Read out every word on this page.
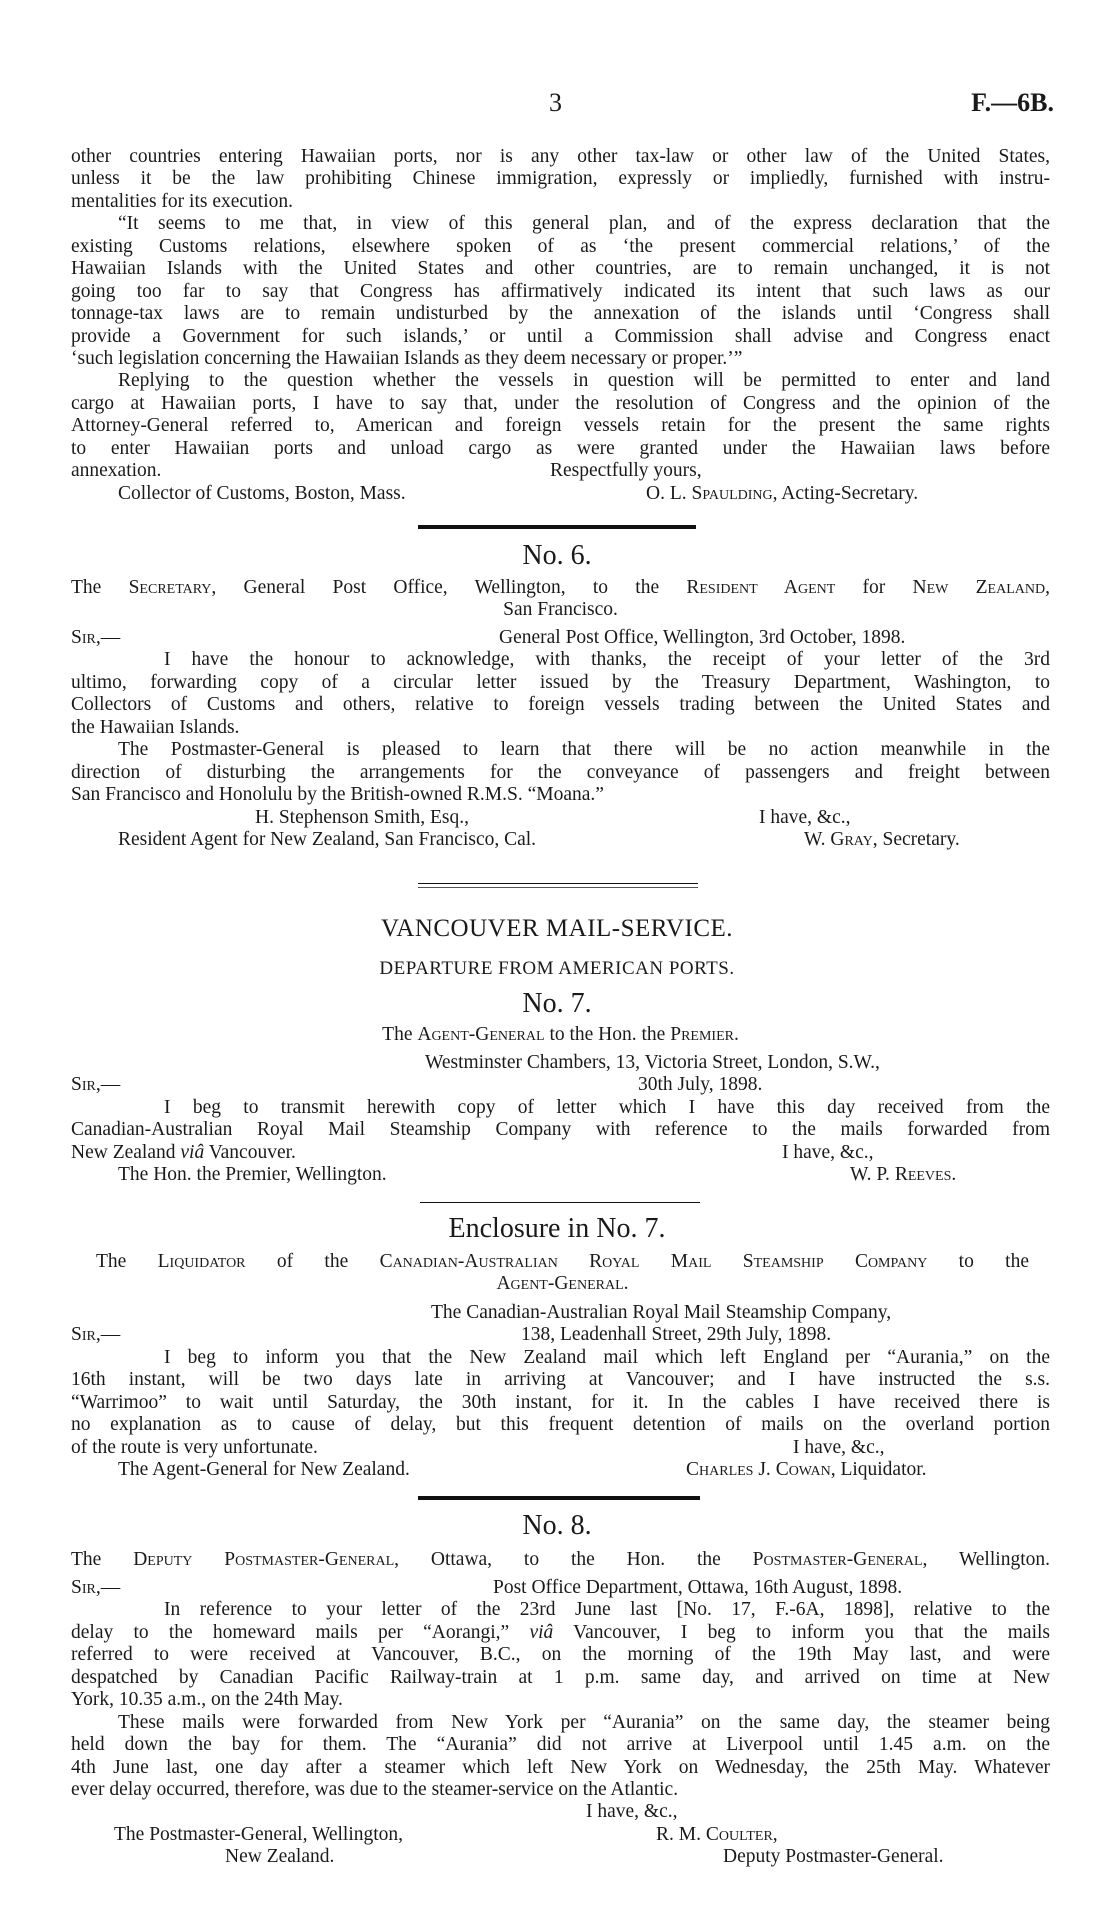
3	F.—6B.
other countries entering Hawaiian ports, nor is any other tax-law or other law of the United States,
unless it be the law prohibiting Chinese immigration, expressly or impliedly, furnished with instru-
mentalities for its execution.
“It seems to me that, in view of this general plan, and of the express declaration that the
existing Customs relations, elsewhere spoken of as ‘the present commercial relations,’ of the
Hawaiian Islands with the United States and other countries, are to remain unchanged, it is not
going too far to say that Congress has affirmatively indicated its intent that such laws as our
tonnage-tax laws are to remain undisturbed by the annexation of the islands until ‘Congress shall
provide a Government for such islands,’ or until a Commission shall advise and Congress enact
‘such legislation concerning the Hawaiian Islands as they deem necessary or proper.’”
Replying to the question whether the vessels in question will be permitted to enter and land
cargo at Hawaiian ports, I have to say that, under the resolution of Congress and the opinion of the
Attorney-General referred to, American and foreign vessels retain for the present the same rights
to enter Hawaiian ports and unload cargo as were granted under the Hawaiian laws before
annexation.	Respectfully yours,
Collector of Customs, Boston, Mass.	O. L. Spaulding, Acting-Secretary.
No. 6.
The Secretary, General Post Office, Wellington, to the Resident Agent for New Zealand,
San Francisco.
Sir,—	General Post Office, Wellington, 3rd October, 1898.
I have the honour to acknowledge, with thanks, the receipt of your letter of the 3rd
ultimo, forwarding copy of a circular letter issued by the Treasury Department, Washington, to
Collectors of Customs and others, relative to foreign vessels trading between the United States and
the Hawaiian Islands.
The Postmaster-General is pleased to learn that there will be no action meanwhile in the
direction of disturbing the arrangements for the conveyance of passengers and freight between
San Francisco and Honolulu by the British-owned R.M.S. “Moana.”
H. Stephenson Smith, Esq.,	I have, &c.,
Resident Agent for New Zealand, San Francisco, Cal.	W. Gray, Secretary.
VANCOUVER MAIL-SERVICE.
DEPARTURE FROM AMERICAN PORTS.
No. 7.
The Agent-General to the Hon. the Premier.
Westminster Chambers, 13, Victoria Street, London, S.W.,
Sir,—	30th July, 1898.
I beg to transmit herewith copy of letter which I have this day received from the
Canadian-Australian Royal Mail Steamship Company with reference to the mails forwarded from
New Zealand viâ Vancouver.	I have, &c.,
The Hon. the Premier, Wellington.	W. P. Reeves.
Enclosure in No. 7.
The Liquidator of the Canadian-Australian Royal Mail Steamship Company to the
Agent-General.
The Canadian-Australian Royal Mail Steamship Company,
Sir,—	138, Leadenhall Street, 29th July, 1898.
I beg to inform you that the New Zealand mail which left England per “Aurania,” on the
16th instant, will be two days late in arriving at Vancouver; and I have instructed the s.s.
“Warrimoo” to wait until Saturday, the 30th instant, for it. In the cables I have received there is
no explanation as to cause of delay, but this frequent detention of mails on the overland portion
of the route is very unfortunate.	I have, &c.,
The Agent-General for New Zealand.	Charles J. Cowan, Liquidator.
No. 8.
The Deputy Postmaster-General, Ottawa, to the Hon. the Postmaster-General, Wellington.
Sir,—	Post Office Department, Ottawa, 16th August, 1898.
In reference to your letter of the 23rd June last [No. 17, F.-6A, 1898], relative to the
delay to the homeward mails per “Aorangi,” viâ Vancouver, I beg to inform you that the mails
referred to were received at Vancouver, B.C., on the morning of the 19th May last, and were
despatched by Canadian Pacific Railway-train at 1 p.m. same day, and arrived on time at New
York, 10.35 a.m., on the 24th May.
These mails were forwarded from New York per “Aurania” on the same day, the steamer being
held down the bay for them. The “Aurania” did not arrive at Liverpool until 1.45 a.m. on the
4th June last, one day after a steamer which left New York on Wednesday, the 25th May. Whatever
ever delay occurred, therefore, was due to the steamer-service on the Atlantic.
I have, &c.,
The Postmaster-General, Wellington,	R. M. Coulter,
New Zealand.	Deputy Postmaster-General.
